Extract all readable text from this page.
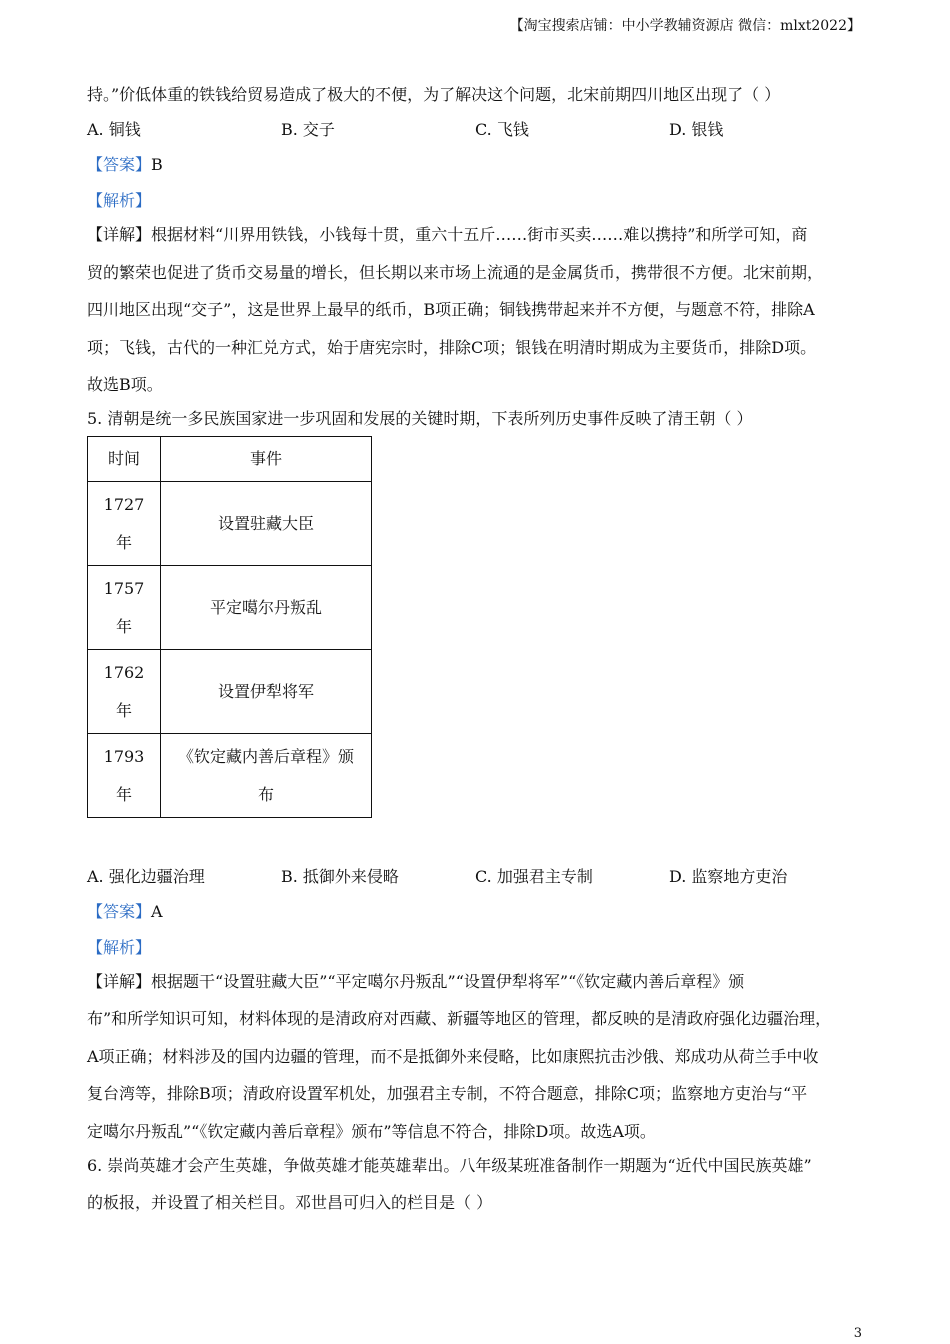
【淘宝搜索店铺：中小学教辅资源店 微信：mlxt2022】
持。”价低体重的铁钱给贸易造成了极大的不便，为了解决这个问题，北宋前期四川地区出现了（ ）
A. 铜钱	B. 交子	C. 飞钱	D. 银钱
【答案】B
【解析】
【详解】根据材料“川界用铁钱，小钱每十贯，重六十五斤……街市买卖……难以携持”和所学可知，商
贸的繁荣也促进了货币交易量的增长，但长期以来市场上流通的是金属货币，携带很不方便。北宋前期，
四川地区出现“交子”，这是世界上最早的纸币，B项正确；铜钱携带起来并不方便，与题意不符，排除A
项；飞钱，古代的一种汇兑方式，始于唐宪宗时，排除C项；银钱在明清时期成为主要货币，排除D项。
故选B项。
5. 清朝是统一多民族国家进一步巩固和发展的关键时期，下表所列历史事件反映了清王朝（ ）
时间	事件
1727
年	设置驻藏大臣
1757
年	平定噶尔丹叛乱
1762
年	设置伊犁将军
1793
年	《钦定藏内善后章程》颁
布
A. 强化边疆治理	B. 抵御外来侵略	C. 加强君主专制	D. 监察地方吏治
【答案】A
【解析】
【详解】根据题干“设置驻藏大臣”“平定噶尔丹叛乱”“设置伊犁将军”“《钦定藏内善后章程》颁
布”和所学知识可知，材料体现的是清政府对西藏、新疆等地区的管理，都反映的是清政府强化边疆治理，
A项正确；材料涉及的国内边疆的管理，而不是抵御外来侵略，比如康熙抗击沙俄、郑成功从荷兰手中收
复台湾等，排除B项；清政府设置军机处，加强君主专制，不符合题意，排除C项；监察地方吏治与“平
定噶尔丹叛乱”“《钦定藏内善后章程》颁布”等信息不符合，排除D项。故选A项。
6. 崇尚英雄才会产生英雄，争做英雄才能英雄辈出。八年级某班准备制作一期题为“近代中国民族英雄”
的板报，并设置了相关栏目。邓世昌可归入的栏目是（ ）
3
